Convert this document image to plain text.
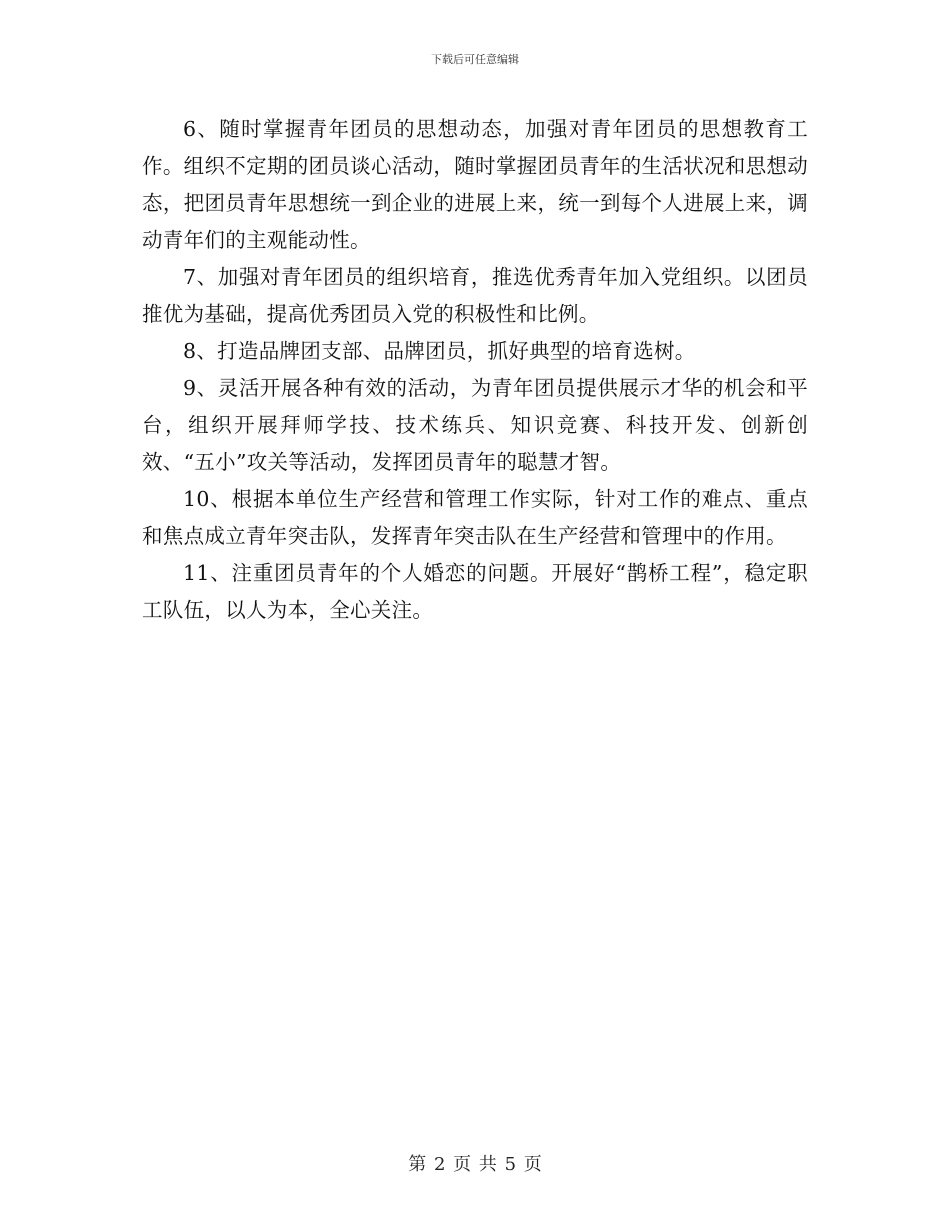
下载后可任意编辑

6、随时掌握青年团员的思想动态，加强对青年团员的思想教育工作。组织不定期的团员谈心活动，随时掌握团员青年的生活状况和思想动态，把团员青年思想统一到企业的进展上来，统一到每个人进展上来，调动青年们的主观能动性。

7、加强对青年团员的组织培育，推选优秀青年加入党组织。以团员推优为基础，提高优秀团员入党的积极性和比例。

8、打造品牌团支部、品牌团员，抓好典型的培育选树。

9、灵活开展各种有效的活动，为青年团员提供展示才华的机会和平台，组织开展拜师学技、技术练兵、知识竞赛、科技开发、创新创效、“五小”攻关等活动，发挥团员青年的聪慧才智。

10、根据本单位生产经营和管理工作实际，针对工作的难点、重点和焦点成立青年突击队，发挥青年突击队在生产经营和管理中的作用。

11、注重团员青年的个人婚恋的问题。开展好“鹊桥工程”，稳定职工队伍，以人为本，全心关注。

第 2 页 共 5 页
